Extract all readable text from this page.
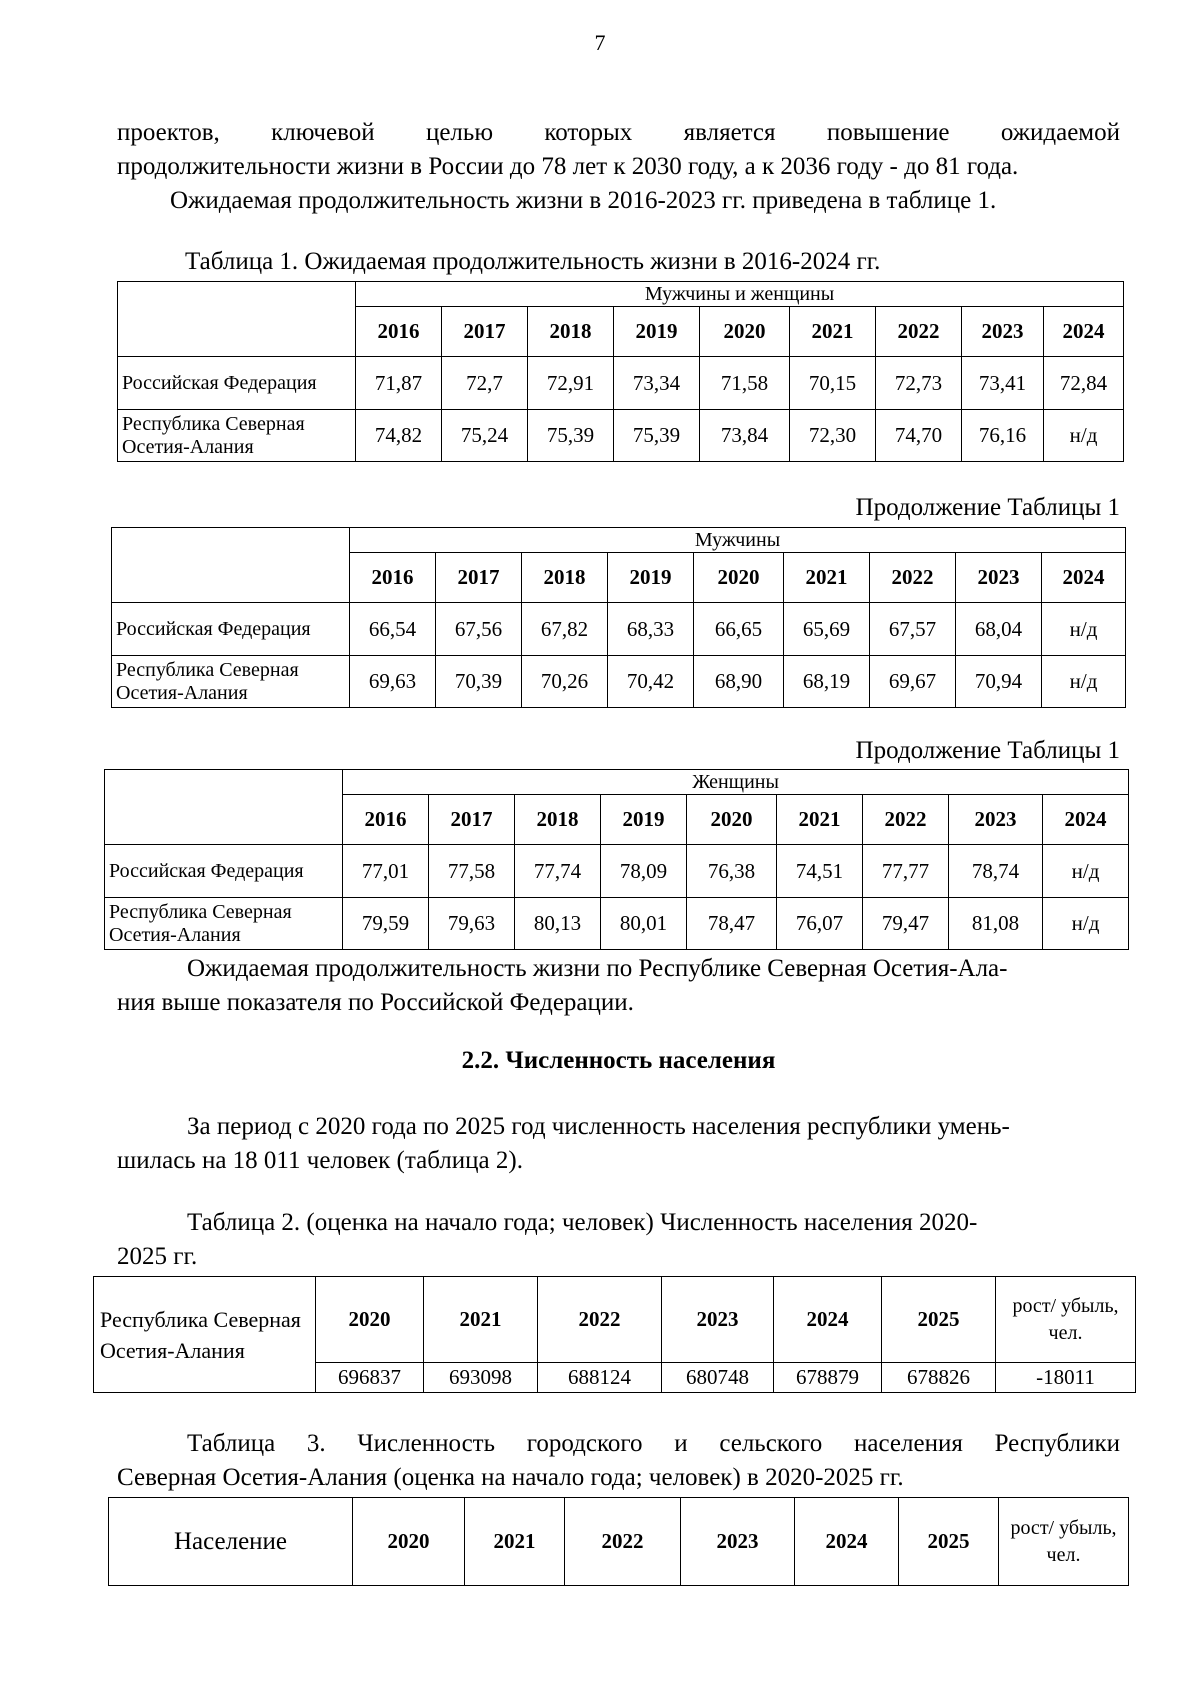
7

проектов, ключевой целью которых является повышение ожидаемой

продолжительности жизни в России до 78 лет к 2030 году, а к 2036 году - до 81 года.

Ожидаемая продолжительность жизни в 2016-2023 гг. приведена в таблице 1.

Таблица 1. Ожидаемая продолжительность жизни в 2016-2024 гг.

	Мужчины и женщины								
	2016	2017	2018	2019	2020	2021	2022	2023	2024
Российская Федерация	71,87	72,7	72,91	73,34	71,58	70,15	72,73	73,41	72,84
Республика Северная Осетия-Алания	74,82	75,24	75,39	75,39	73,84	72,30	74,70	76,16	н/д

Продолжение Таблицы 1

	Мужчины								
	2016	2017	2018	2019	2020	2021	2022	2023	2024
Российская Федерация	66,54	67,56	67,82	68,33	66,65	65,69	67,57	68,04	н/д
Республика Северная Осетия-Алания	69,63	70,39	70,26	70,42	68,90	68,19	69,67	70,94	н/д

Продолжение Таблицы 1

	Женщины								
	2016	2017	2018	2019	2020	2021	2022	2023	2024
Российская Федерация	77,01	77,58	77,74	78,09	76,38	74,51	77,77	78,74	н/д
Республика Северная Осетия-Алания	79,59	79,63	80,13	80,01	78,47	76,07	79,47	81,08	н/д

Ожидаемая продолжительность жизни по Республике Северная Осетия-Ала-

ния выше показателя по Российской Федерации.

2.2. Численность населения

За период с 2020 года по 2025 год численность населения республики умень-

шилась на 18 011 человек (таблица 2).

Таблица 2. (оценка на начало года; человек) Численность населения 2020-

2025 гг.

Республика Северная Осетия-Алания	2020	2021	2022	2023	2024	2025	рост/ убыль, чел.
	696837	693098	688124	680748	678879	678826	-18011

Таблица 3. Численность городского и сельского населения Республики

Северная Осетия-Алания (оценка на начало года; человек) в 2020-2025 гг.

Население	2020	2021	2022	2023	2024	2025	рост/ убыль, чел.
